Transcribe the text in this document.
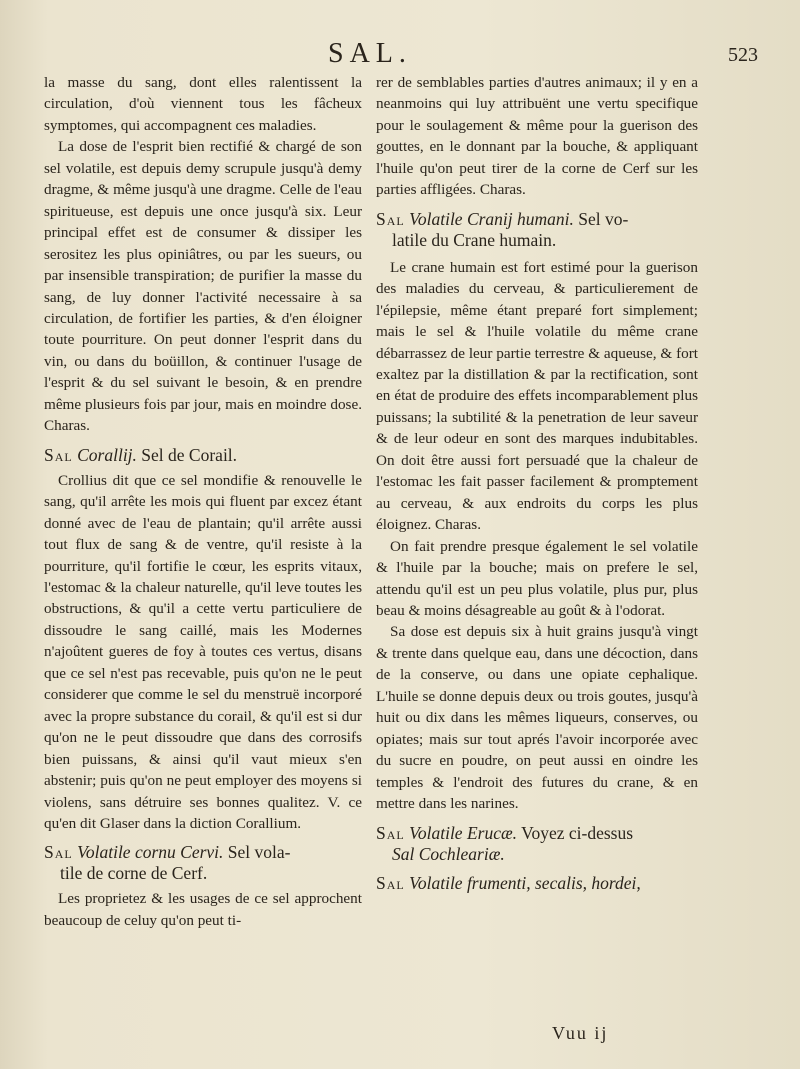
SAL.	523

la masse du sang, dont elles ralentissent la circulation, d'où viennent tous les fâcheux symptomes, qui accompagnent ces maladies.

La dose de l'esprit bien rectifié & chargé de son sel volatile, est depuis demy scrupule jusqu'à demy dragme, & même jusqu'à une dragme. Celle de l'eau spiritueuse, est depuis une once jusqu'à six. Leur principal effet est de consumer & dissiper les serositez les plus opiniâtres, ou par les sueurs, ou par insensible transpiration; de purifier la masse du sang, de luy donner l'activité necessaire à sa circulation, de fortifier les parties, & d'en éloigner toute pourriture. On peut donner l'esprit dans du vin, ou dans du boüillon, & continuer l'usage de l'esprit & du sel suivant le besoin, & en prendre même plusieurs fois par jour, mais en moindre dose. Charas.

Sal Corallij. Sel de Corail.

Crollius dit que ce sel mondifie & renouvelle le sang, qu'il arrête les mois qui fluent par excez étant donné avec de l'eau de plantain; qu'il arrête aussi tout flux de sang & de ventre, qu'il resiste à la pourriture, qu'il fortifie le cœur, les esprits vitaux, l'estomac & la chaleur naturelle, qu'il leve toutes les obstructions, & qu'il a cette vertu particuliere de dissoudre le sang caillé, mais les Modernes n'ajoûtent gueres de foy à toutes ces vertus, disans que ce sel n'est pas recevable, puis qu'on ne le peut considerer que comme le sel du menstruë incorporé avec la propre substance du corail, & qu'il est si dur qu'on ne le peut dissoudre que dans des corrosifs bien puissans, & ainsi qu'il vaut mieux s'en abstenir; puis qu'on ne peut employer des moyens si violens, sans détruire ses bonnes qualitez. V. ce qu'en dit Glaser dans la diction Corallium.

Sal Volatile cornu Cervi. Sel vola-
tile de corne de Cerf.

Les proprietez & les usages de ce sel approchent beaucoup de celuy qu'on peut ti-

rer de semblables parties d'autres animaux; il y en a neanmoins qui luy attribuënt une vertu specifique pour le soulagement & même pour la guerison des gouttes, en le donnant par la bouche, & appliquant l'huile qu'on peut tirer de la corne de Cerf sur les parties affligées. Charas.

Sal Volatile Cranij humani. Sel vo-
latile du Crane humain.

Le crane humain est fort estimé pour la guerison des maladies du cerveau, & particulierement de l'épilepsie, même étant preparé fort simplement; mais le sel & l'huile volatile du même crane débarrassez de leur partie terrestre & aqueuse, & fort exaltez par la distillation & par la rectification, sont en état de produire des effets incomparablement plus puissans; la subtilité & la penetration de leur saveur & de leur odeur en sont des marques indubitables. On doit être aussi fort persuadé que la chaleur de l'estomac les fait passer facilement & promptement au cerveau, & aux endroits du corps les plus éloignez. Charas.

On fait prendre presque également le sel volatile & l'huile par la bouche; mais on prefere le sel, attendu qu'il est un peu plus volatile, plus pur, plus beau & moins désagreable au goût & à l'odorat.

Sa dose est depuis six à huit grains jusqu'à vingt & trente dans quelque eau, dans une décoction, dans de la conserve, ou dans une opiate cephalique. L'huile se donne depuis deux ou trois goutes, jusqu'à huit ou dix dans les mêmes liqueurs, conserves, ou opiates; mais sur tout aprés l'avoir incorporée avec du sucre en poudre, on peut aussi en oindre les temples & l'endroit des futures du crane, & en mettre dans les narines.

Sal Volatile Erucæ. Voyez ci-dessus
Sal Cochleariæ.
Sal Volatile frumenti, secalis, hordei,
Vuu ij
